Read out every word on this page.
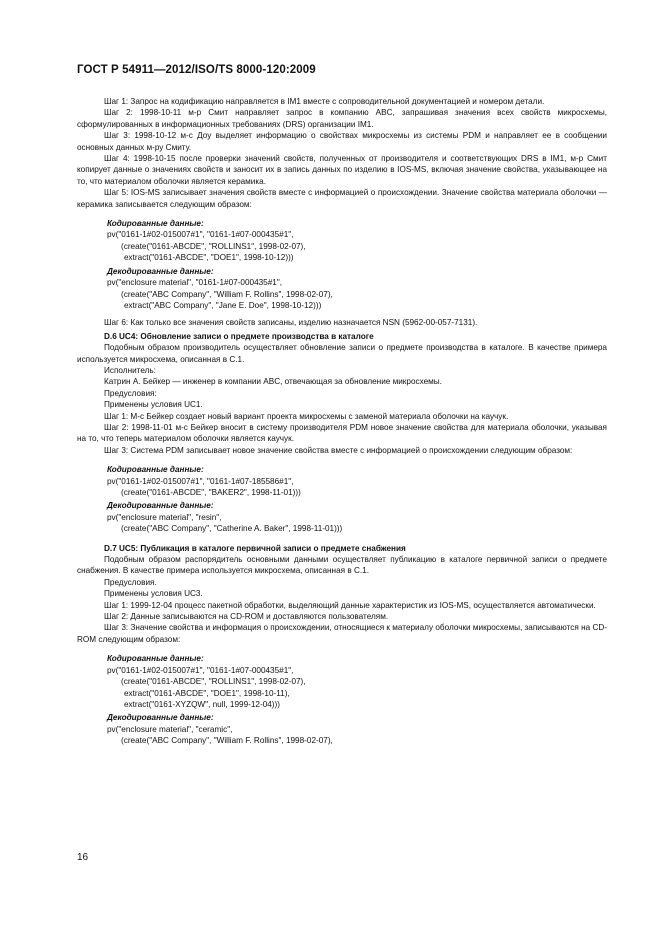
ГОСТ Р 54911—2012/ISO/TS 8000-120:2009

Шаг 1: Запрос на кодификацию направляется в IM1 вместе с сопроводительной документацией и номером детали.

Шаг 2: 1998-10-11 м-р Смит направляет запрос в компанию ABC, запрашивая значения всех свойств микросхемы, сформулированных в информационных требованиях (DRS) организации IM1.

Шаг 3: 1998-10-12 м-с Доу выделяет информацию о свойствах микросхемы из системы PDM и направляет ее в сообщении основных данных м-ру Смиту.

Шаг 4: 1998-10-15 после проверки значений свойств, полученных от производителя и соответствующих DRS в IM1, м-р Смит копирует данные о значениях свойств и заносит их в запись данных по изделию в IOS-MS, включая значение свойства, указывающее на то, что материалом оболочки является керамика.

Шаг 5: IOS-MS записывает значения свойств вместе с информацией о происхождении. Значение свойства материала оболочки — керамика записывается следующим образом:

Кодированные данные:

pv("0161-1#02-015007#1", "0161-1#07-000435#1",

(create("0161-ABCDE", "ROLLINS1", 1998-02-07),

extract("0161-ABCDE", "DOE1", 1998-10-12)))

Декодированные данные:

pv("enclosure material", "0161-1#07-000435#1",

(create("ABC Company", "William F. Rollins", 1998-02-07),

extract("ABC Company", "Jane E. Doe", 1998-10-12)))

Шаг 6: Как только все значения свойств записаны, изделию назначается NSN (5962-00-057-7131).

D.6 UC4: Обновление записи о предмете производства в каталоге

Подобным образом производитель осуществляет обновление записи о предмете производства в каталоге. В качестве примера используется микросхема, описанная в С.1.

Исполнитель:

Катрин А. Бейкер — инженер в компании ABC, отвечающая за обновление микросхемы.

Предусловия:

Применены условия UC1.

Шаг 1: М-с Бейкер создает новый вариант проекта микросхемы с заменой материала оболочки на каучук.

Шаг 2: 1998-11-01 м-с Бейкер вносит в систему производителя PDM новое значение свойства для материала оболочки, указывая на то, что теперь материалом оболочки является каучук.

Шаг 3: Система PDM записывает новое значение свойства вместе с информацией о происхождении следующим образом:

Кодированные данные:

pv("0161-1#02-015007#1", "0161-1#07-185586#1",

(create("0161-ABCDE", "BAKER2", 1998-11-01)))

Декодированные данные:

pv("enclosure material", "resin",

(create("ABC Company", "Catherine A. Baker", 1998-11-01)))

D.7 UC5: Публикация в каталоге первичной записи о предмете снабжения

Подобным образом распорядитель основными данными осуществляет публикацию в каталоге первичной записи о предмете снабжения. В качестве примера используется микросхема, описанная в С.1.

Предусловия.

Применены условия UC3.

Шаг 1: 1999-12-04 процесс пакетной обработки, выделяющий данные характеристик из IOS-MS, осуществляется автоматически.

Шаг 2: Данные записываются на CD-ROM и доставляются пользователям.

Шаг 3: Значение свойства и информация о происхождении, относящиеся к материалу оболочки микросхемы, записываются на CD-ROM следующим образом:

Кодированные данные:

pv("0161-1#02-015007#1", "0161-1#07-000435#1",

(create("0161-ABCDE", "ROLLINS1", 1998-02-07),

extract("0161-ABCDE", "DOE1", 1998-10-11),

extract("0161-XYZQW", null, 1999-12-04)))

Декодированные данные:

pv("enclosure material", "ceramic",

(create("ABC Company", "William F. Rollins", 1998-02-07),

16
